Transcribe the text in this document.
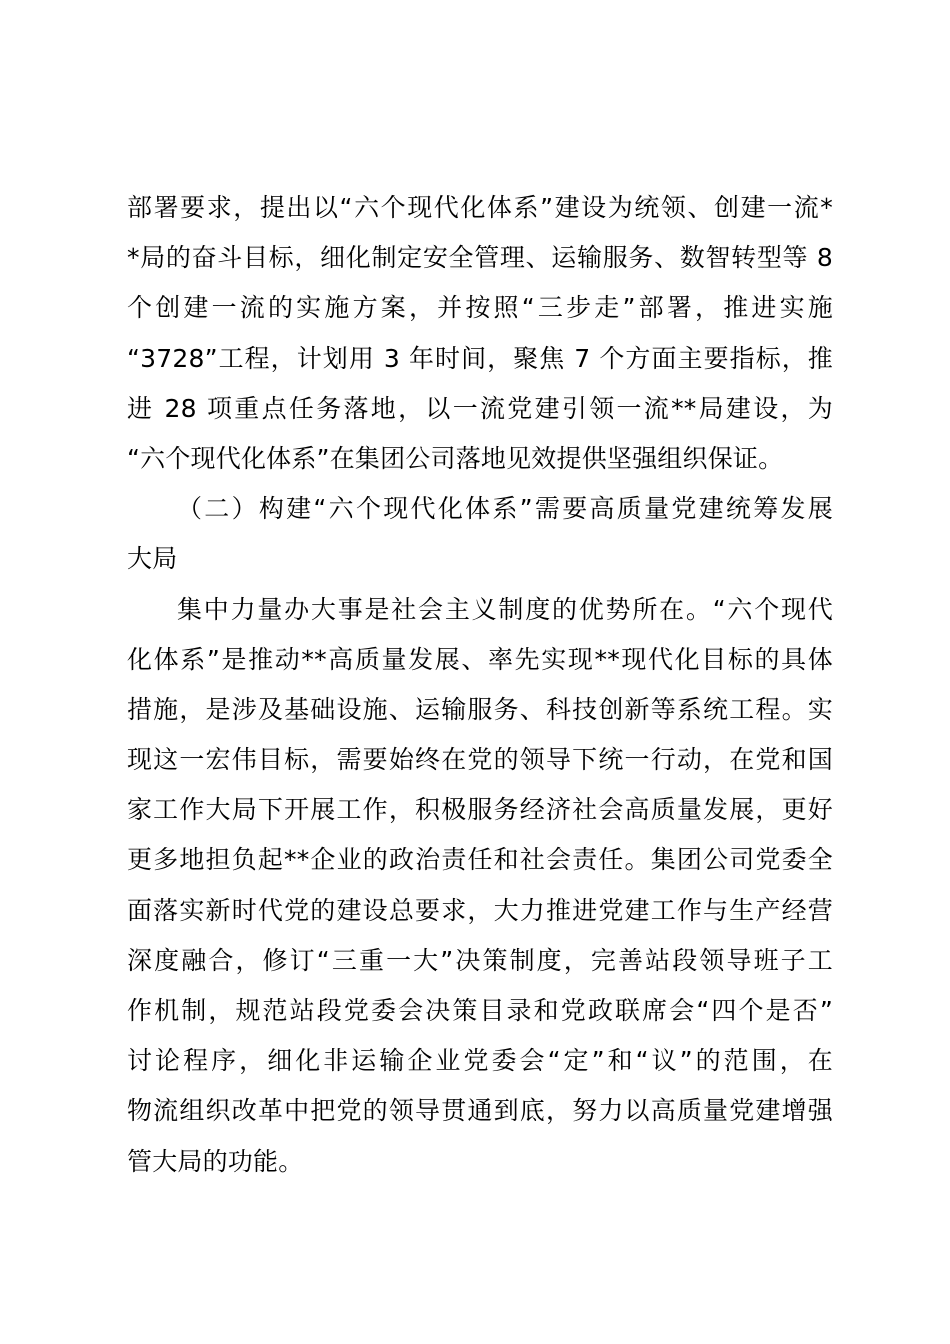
部署要求，提出以“六个现代化体系”建设为统领、创建一流*
*局的奋斗目标，细化制定安全管理、运输服务、数智转型等 8
个创建一流的实施方案，并按照“三步走”部署，推进实施
“3728”工程，计划用 3 年时间，聚焦 7 个方面主要指标，推
进 28 项重点任务落地，以一流党建引领一流**局建设，为
“六个现代化体系”在集团公司落地见效提供坚强组织保证。
（二）构建“六个现代化体系”需要高质量党建统筹发展
大局
集中力量办大事是社会主义制度的优势所在。“六个现代
化体系”是推动**高质量发展、率先实现**现代化目标的具体
措施，是涉及基础设施、运输服务、科技创新等系统工程。实
现这一宏伟目标，需要始终在党的领导下统一行动，在党和国
家工作大局下开展工作，积极服务经济社会高质量发展，更好
更多地担负起**企业的政治责任和社会责任。集团公司党委全
面落实新时代党的建设总要求，大力推进党建工作与生产经营
深度融合，修订“三重一大”决策制度，完善站段领导班子工
作机制，规范站段党委会决策目录和党政联席会“四个是否”
讨论程序，细化非运输企业党委会“定”和“议”的范围，在
物流组织改革中把党的领导贯通到底，努力以高质量党建增强
管大局的功能。
